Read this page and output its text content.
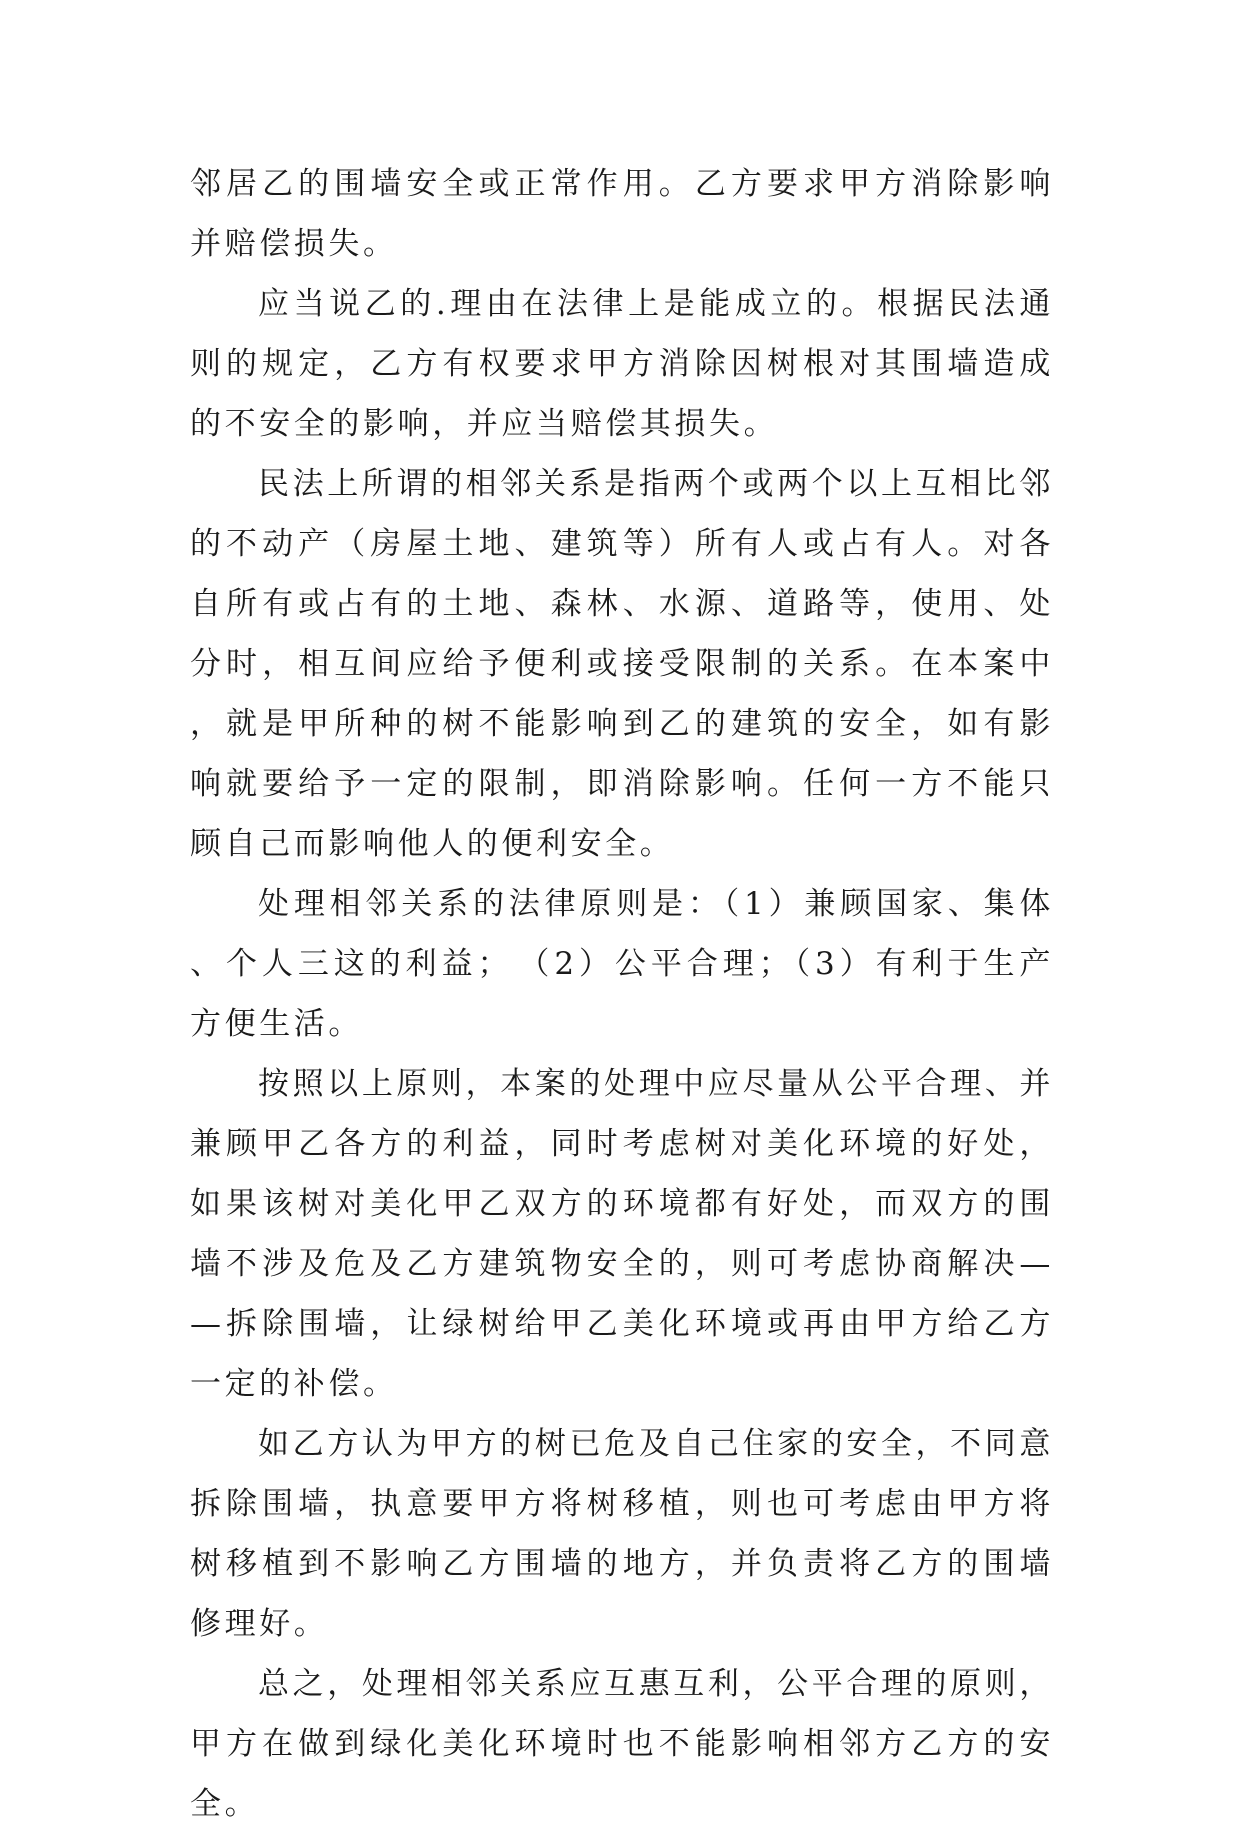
邻居乙的围墙安全或正常作用。乙方要求甲方消除影响并赔偿损失。

应当说乙的.理由在法律上是能成立的。根据民法通则的规定，乙方有权要求甲方消除因树根对其围墙造成的不安全的影响，并应当赔偿其损失。

民法上所谓的相邻关系是指两个或两个以上互相比邻的不动产（房屋土地、建筑等）所有人或占有人。对各自所有或占有的土地、森林、水源、道路等，使用、处分时，相互间应给予便利或接受限制的关系。在本案中，就是甲所种的树不能影响到乙的建筑的安全，如有影响就要给予一定的限制，即消除影响。任何一方不能只顾自己而影响他人的便利安全。

处理相邻关系的法律原则是：（1）兼顾国家、集体、个人三这的利益；　（2）公平合理；（3）有利于生产方便生活。

按照以上原则，本案的处理中应尽量从公平合理、并兼顾甲乙各方的利益，同时考虑树对美化环境的好处，如果该树对美化甲乙双方的环境都有好处，而双方的围墙不涉及危及乙方建筑物安全的，则可考虑协商解决——拆除围墙，让绿树给甲乙美化环境或再由甲方给乙方一定的补偿。

如乙方认为甲方的树已危及自己住家的安全，不同意拆除围墙，执意要甲方将树移植，则也可考虑由甲方将树移植到不影响乙方围墙的地方，并负责将乙方的围墙修理好。

总之，处理相邻关系应互惠互利，公平合理的原则，甲方在做到绿化美化环境时也不能影响相邻方乙方的安全。
